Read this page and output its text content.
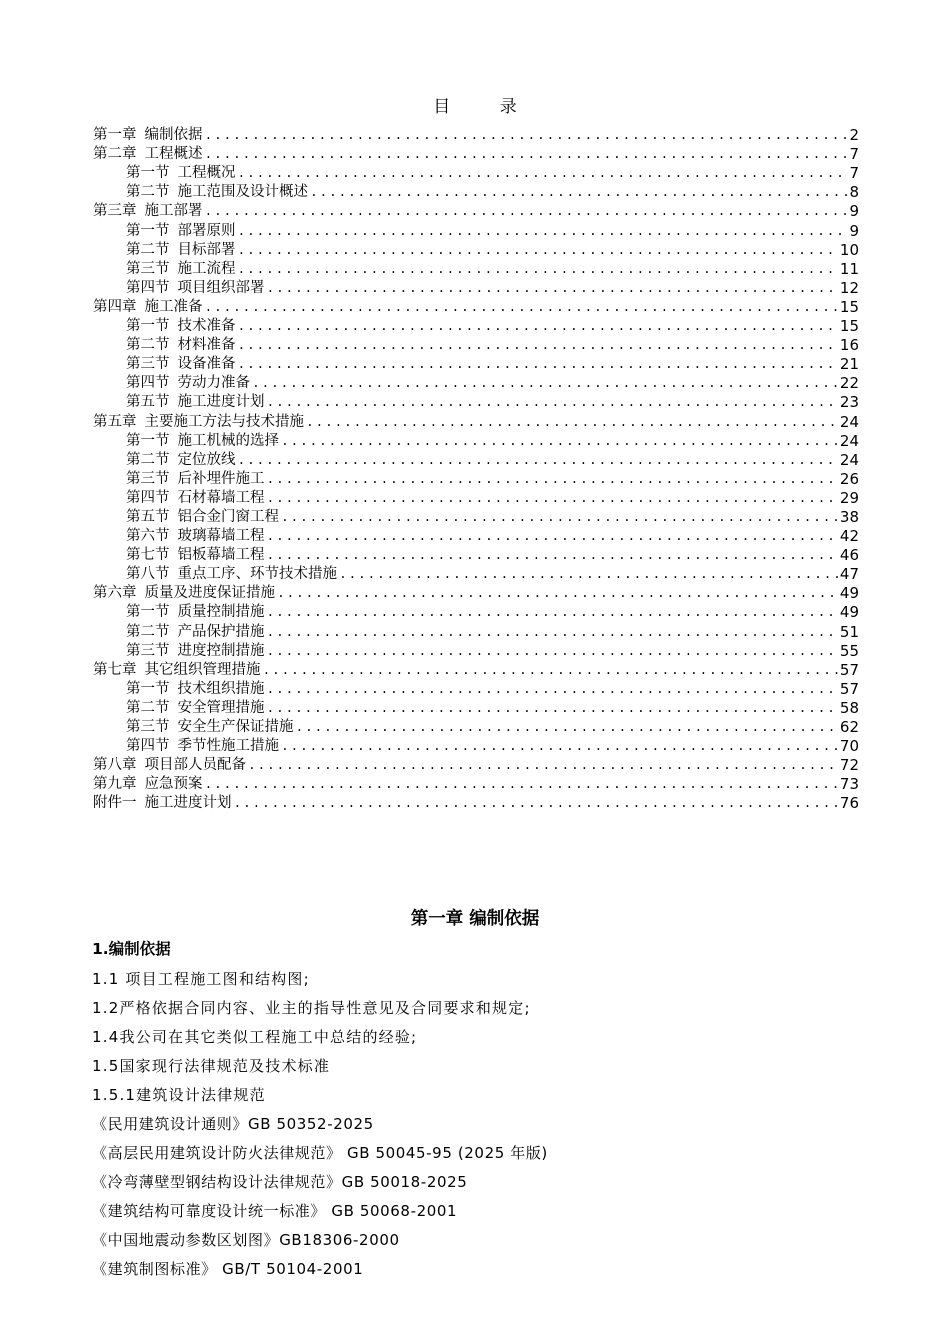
目 录
第一章 编制依据 .....	2
第二章 工程概述 .....	7
第一节 工程概况 .....	7
第二节 施工范围及设计概述 .....	8
第三章 施工部署 .....	9
第一节 部署原则 .....	9
第二节 目标部署 .....	10
第三节 施工流程 .....	11
第四节 项目组织部署 .....	12
第四章 施工准备 .....	15
第一节 技术准备 .....	15
第二节 材料准备 .....	16
第三节 设备准备 .....	21
第四节 劳动力准备 .....	22
第五节 施工进度计划 .....	23
第五章 主要施工方法与技术措施 .....	24
第一节 施工机械的选择 .....	24
第二节 定位放线 .....	24
第三节 后补埋件施工 .....	26
第四节 石材幕墙工程 .....	29
第五节 铝合金门窗工程 .....	38
第六节 玻璃幕墙工程 .....	42
第七节 铝板幕墙工程 .....	46
第八节 重点工序、环节技术措施 .....	47
第六章 质量及进度保证措施 .....	49
第一节 质量控制措施 .....	49
第二节 产品保护措施 .....	51
第三节 进度控制措施 .....	55
第七章 其它组织管理措施 .....	57
第一节 技术组织措施 .....	57
第二节 安全管理措施 .....	58
第三节 安全生产保证措施 .....	62
第四节 季节性施工措施 .....	70
第八章 项目部人员配备 .....	72
第九章 应急预案 .....	73
附件一 施工进度计划 .....	76
第一章 编制依据
1.编制依据
1.1 项目工程施工图和结构图;
1.2严格依据合同内容、业主的指导性意见及合同要求和规定;
1.4我公司在其它类似工程施工中总结的经验;
1.5国家现行法律规范及技术标准
1.5.1建筑设计法律规范
《民用建筑设计通则》GB 50352-2025
《高层民用建筑设计防火法律规范》 GB 50045-95 (2025 年版)
《冷弯薄壁型钢结构设计法律规范》GB 50018-2025
《建筑结构可靠度设计统一标准》 GB 50068-2001
《中国地震动参数区划图》GB18306-2000
《建筑制图标准》 GB/T 50104-2001
